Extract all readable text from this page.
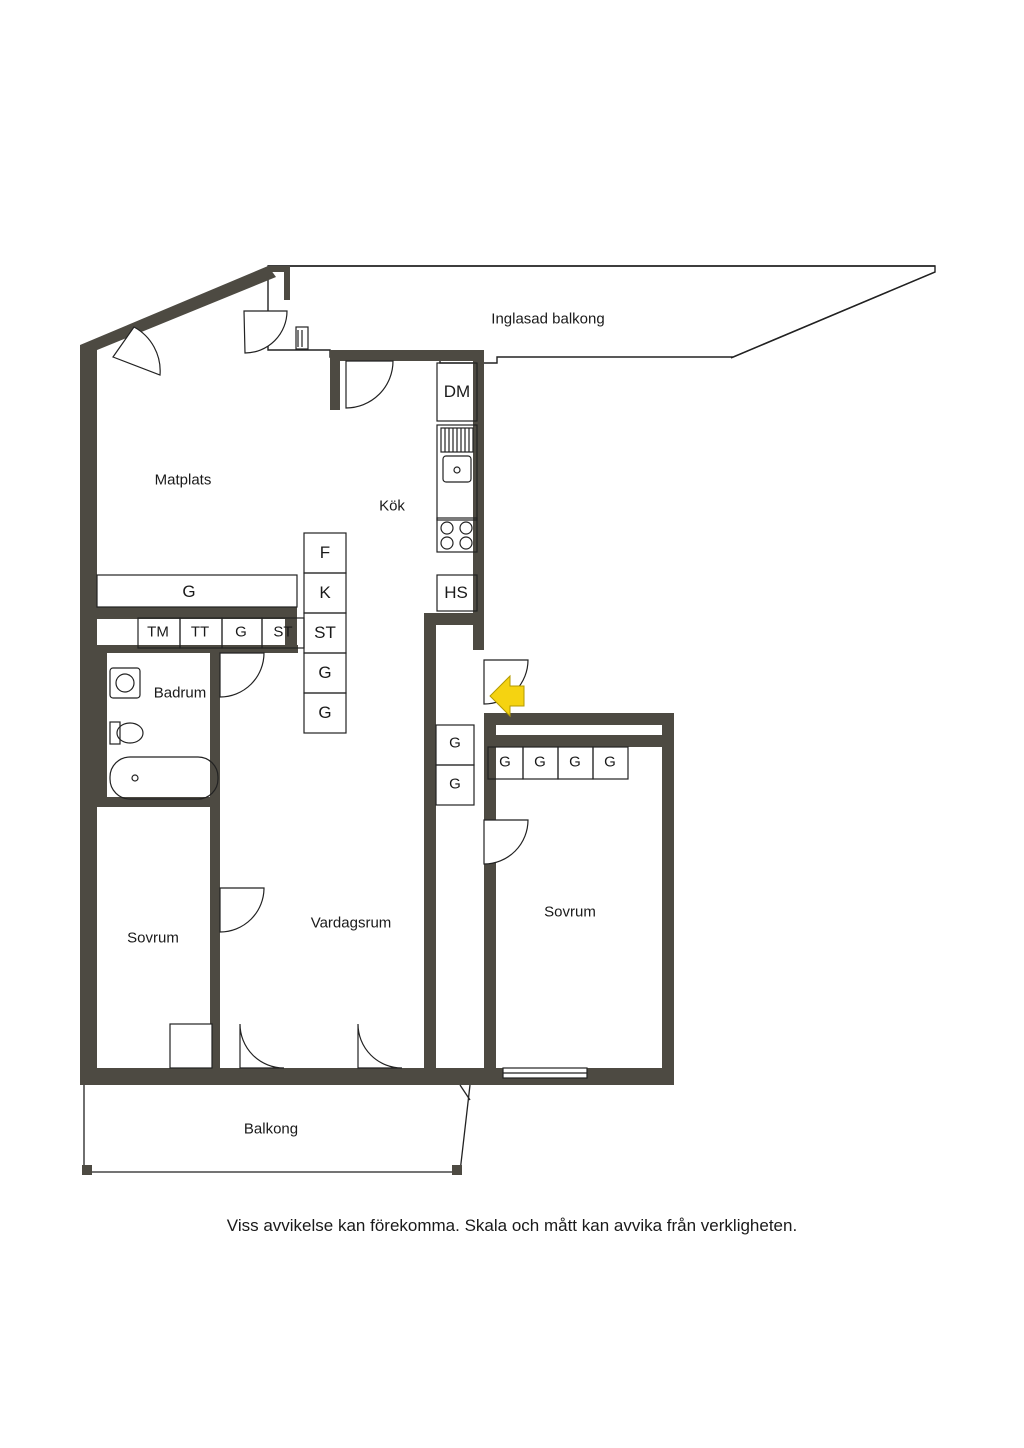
Inglasad balkong
Matplats
Kök
Badrum
Sovrum
Vardagsrum
Sovrum
Balkong
DM
HS
F
K
ST
G
G
G
TM TT G ST
G
G
G G G G
Viss avvikelse kan förekomma. Skala och mått kan avvika från verkligheten.
